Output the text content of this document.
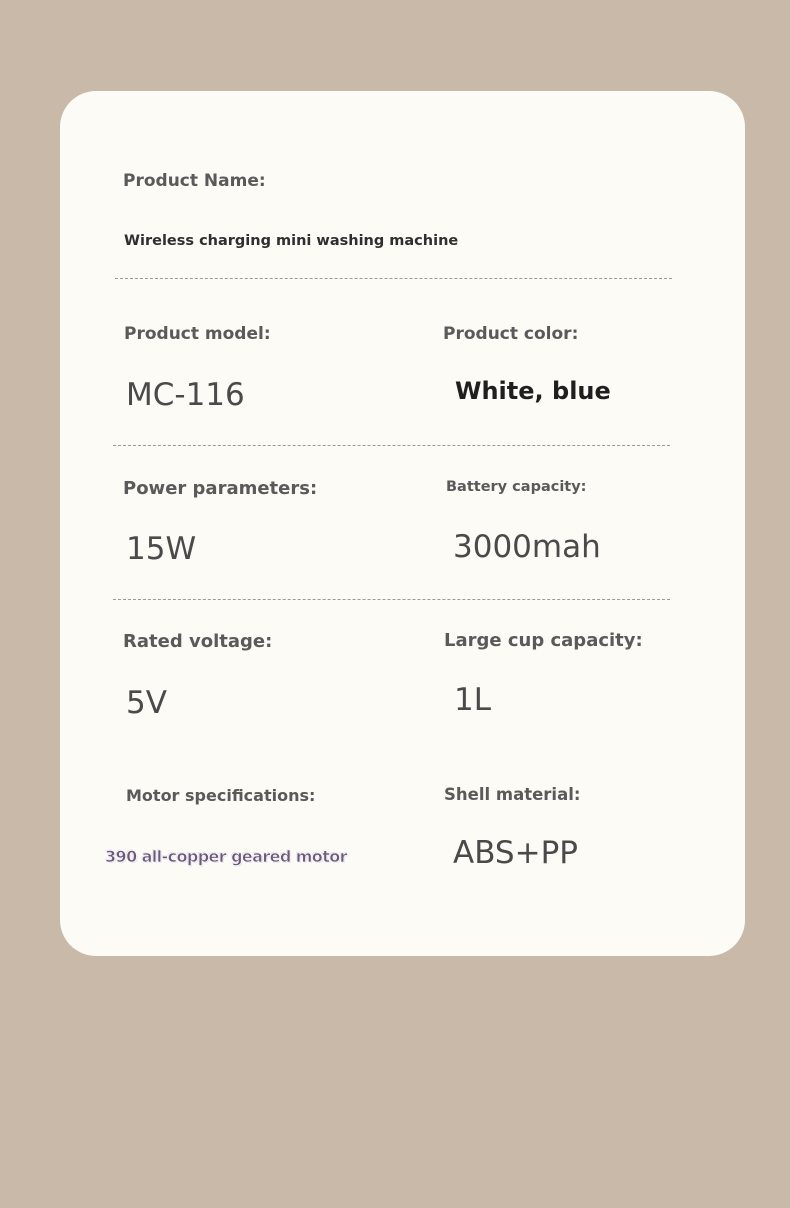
Product Name:
Wireless charging mini washing machine
Product model:
MC-116
Product color:
White, blue
Power parameters:
15W
Battery capacity:
3000mah
Rated voltage:
5V
Large cup capacity:
1L
Motor specifications:
390 all-copper geared motor
Shell material:
ABS+PP
